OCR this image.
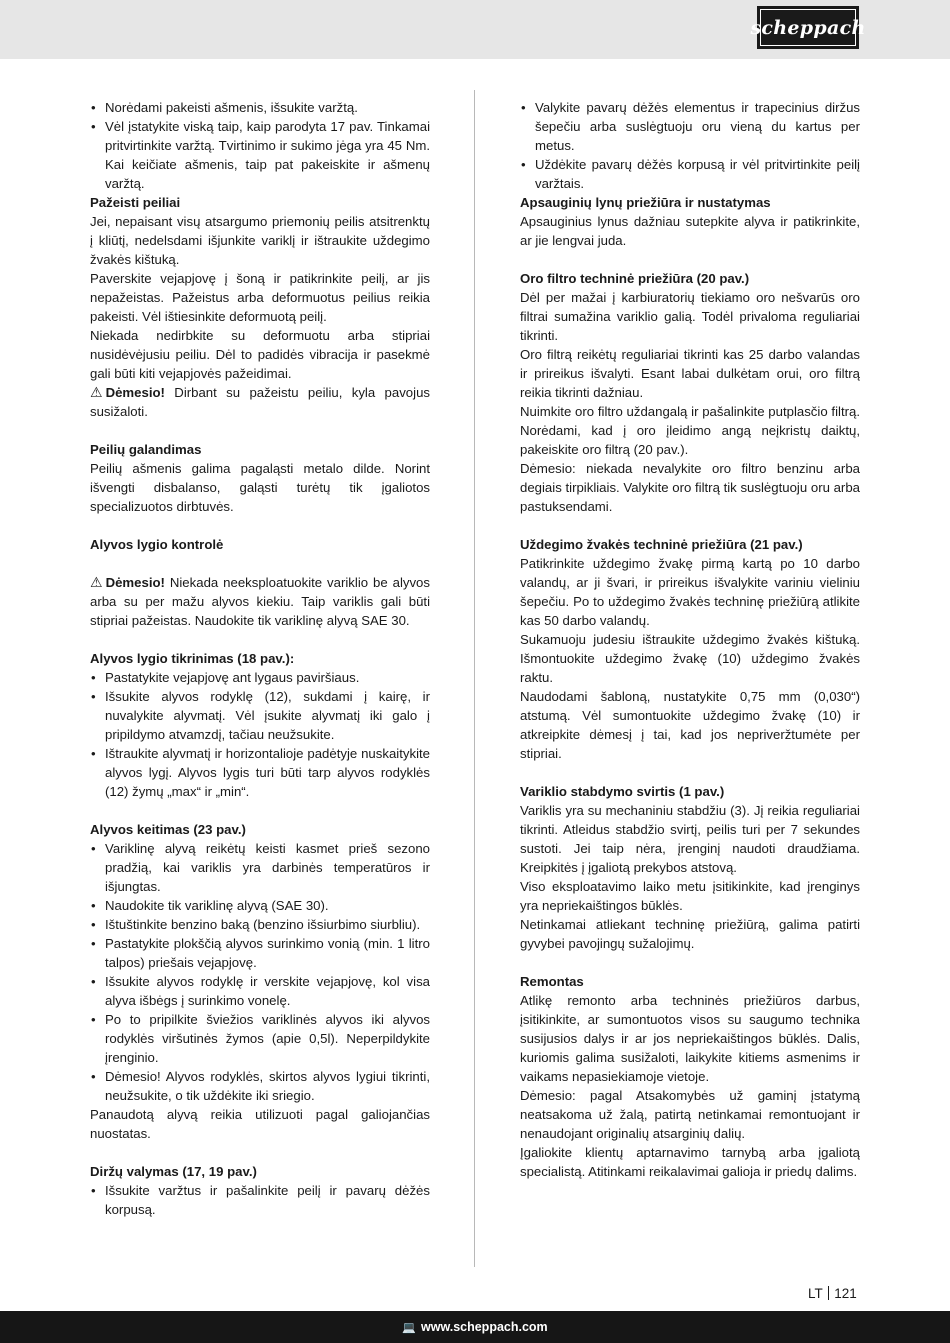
scheppach
• Norėdami pakeisti ašmenis, išsukite varžtą.
• Vėl įstatykite viską taip, kaip parodyta 17 pav. Tinkamai pritvirtinkite varžtą. Tvirtinimo ir sukimo jėga yra 45 Nm. Kai keičiate ašmenis, taip pat pakeiskite ir ašmenų varžtą.

Pažeisti peiliai

Jei, nepaisant visų atsargumo priemonių peilis atsitrenktų į kliūtį, nedelsdami išjunkite variklį ir ištraukite uždegimo žvakės kištuką.

Paverskite vejapjovę į šoną ir patikrinkite peilį, ar jis nepažeistas. Pažeistus arba deformuotus peilius reikia pakeisti. Vėl ištiesinkite deformuotą peilį.

Niekada nedirbkite su deformuotu arba stipriai nusidėvėjusiu peiliu. Dėl to padidės vibracija ir pasekmė gali būti kiti vejapjovės pažeidimai.

⚠ Dėmesio! Dirbant su pažeistu peiliu, kyla pavojus susižaloti.

Peilių galandimas

Peilių ašmenis galima pagaląsti metalo dilde. Norint išvengti disbalanso, galąsti turėtų tik įgaliotos specializuotos dirbtuvės.

Alyvos lygio kontrolė

⚠ Dėmesio! Niekada neeksploatuokite variklio be alyvos arba su per mažu alyvos kiekiu. Taip variklis gali būti stipriai pažeistas. Naudokite tik variklinę alyvą SAE 30.

Alyvos lygio tikrinimas (18 pav.):

• Pastatykite vejapjovę ant lygaus paviršiaus.
• Išsukite alyvos rodyklę (12), sukdami į kairę, ir nuvalykite alyvmatį. Vėl įsukite alyvmatį iki galo į pripildymo atvamzdį, tačiau neužsukite.
• Ištraukite alyvmatį ir horizontalioje padėtyje nuskaitykite alyvos lygį. Alyvos lygis turi būti tarp alyvos rodyklės (12) žymų „max“ ir „min“.

Alyvos keitimas (23 pav.)

• Variklinę alyvą reikėtų keisti kasmet prieš sezono pradžią, kai variklis yra darbinės temperatūros ir išjungtas.
• Naudokite tik variklinę alyvą (SAE 30).
• Ištuštinkite benzino baką (benzino išsiurbimo siurbliu).
• Pastatykite plokščią alyvos surinkimo vonią (min. 1 litro talpos) priešais vejapjovę.
• Išsukite alyvos rodyklę ir verskite vejapjovę, kol visa alyva išbėgs į surinkimo vonelę.
• Po to pripilkite šviežios variklinės alyvos iki alyvos rodyklės viršutinės žymos (apie 0,5l). Neperpildykite įrenginio.
• Dėmesio! Alyvos rodyklės, skirtos alyvos lygiui tikrinti, neužsukite, o tik uždėkite iki sriegio.

Panaudotą alyvą reikia utilizuoti pagal galiojančias nuostatas.

Diržų valymas (17, 19 pav.)

• Išsukite varžtus ir pašalinkite peilį ir pavarų dėžės korpusą.
• Valykite pavarų dėžės elementus ir trapecinius diržus šepečiu arba suslėgtuoju oru vieną du kartus per metus.
• Uždėkite pavarų dėžės korpusą ir vėl pritvirtinkite peilį varžtais.

Apsauginių lynų priežiūra ir nustatymas

Apsauginius lynus dažniau sutepkite alyva ir patikrinkite, ar jie lengvai juda.

Oro filtro techninė priežiūra (20 pav.)

Dėl per mažai į karbiuratorių tiekiamo oro nešvarūs oro filtrai sumažina variklio galią. Todėl privaloma reguliariai tikrinti.

Oro filtrą reikėtų reguliariai tikrinti kas 25 darbo valandas ir prireikus išvalyti. Esant labai dulkėtam orui, oro filtrą reikia tikrinti dažniau.

Nuimkite oro filtro uždangalą ir pašalinkite putplasčio filtrą. Norėdami, kad į oro įleidimo angą neįkristų daiktų, pakeiskite oro filtrą (20 pav.).

Dėmesio: niekada nevalykite oro filtro benzinu arba degiais tirpikliais. Valykite oro filtrą tik suslėgtuoju oru arba pastuksendami.

Uždegimo žvakės techninė priežiūra (21 pav.)

Patikrinkite uždegimo žvakę pirmą kartą po 10 darbo valandų, ar ji švari, ir prireikus išvalykite variniu vieliniu šepečiu. Po to uždegimo žvakės techninę priežiūrą atlikite kas 50 darbo valandų.

Sukamuoju judesiu ištraukite uždegimo žvakės kištuką. Išmontuokite uždegimo žvakę (10) uždegimo žvakės raktu.

Naudodami šabloną, nustatykite 0,75 mm (0,030“) atstumą. Vėl sumontuokite uždegimo žvakę (10) ir atkreipkite dėmesį į tai, kad jos nepriveržtumėte per stipriai.

Variklio stabdymo svirtis (1 pav.)

Variklis yra su mechaniniu stabdžiu (3). Jį reikia reguliariai tikrinti. Atleidus stabdžio svirtį, peilis turi per 7 sekundes sustoti. Jei taip nėra, įrenginį naudoti draudžiama. Kreipkitės į įgaliotą prekybos atstovą.

Viso eksploatavimo laiko metu įsitikinkite, kad įrenginys yra nepriekaištingos būklės.

Netinkamai atliekant techninę priežiūrą, galima patirti gyvybei pavojingų sužalojimų.

Remontas

Atlikę remonto arba techninės priežiūros darbus, įsitikinkite, ar sumontuotos visos su saugumo technika susijusios dalys ir ar jos nepriekaištingos būklės. Dalis, kuriomis galima susižaloti, laikykite kitiems asmenims ir vaikams nepasiekiamoje vietoje.

Dėmesio: pagal Atsakomybės už gaminį įstatymą neatsakoma už žalą, patirtą netinkamai remontuojant ir nenaudojant originalių atsarginių dalių.

Įgaliokite klientų aptarnavimo tarnybą arba įgaliotą specialistą. Atitinkami reikalavimai galioja ir priedų dalims.

LT 121
💻 www.scheppach.com
